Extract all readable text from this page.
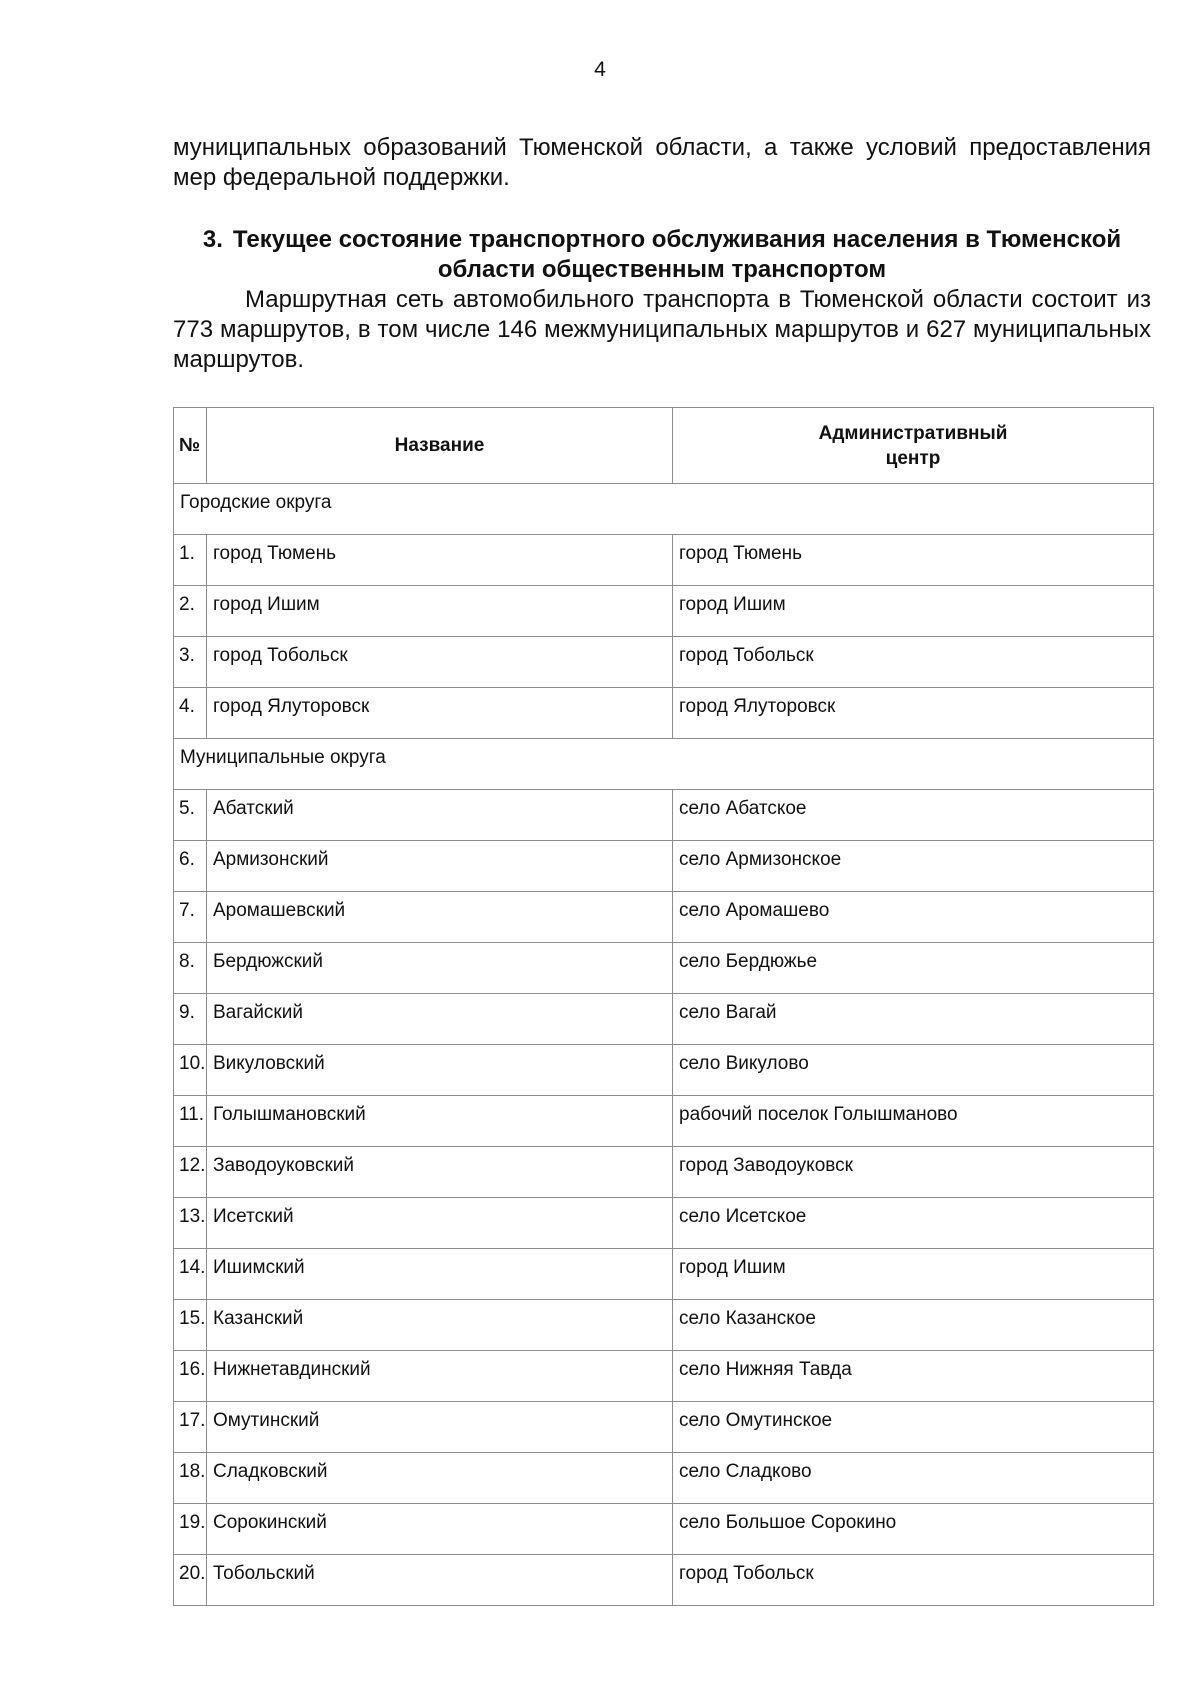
4

муниципальных образований Тюменской области, а также условий предоставления мер федеральной поддержки.

3. Текущее состояние транспортного обслуживания населения в Тюменской области общественным транспортом

Маршрутная сеть автомобильного транспорта в Тюменской области состоит из 773 маршрутов, в том числе 146 межмуниципальных маршрутов и 627 муниципальных маршрутов.

№	Название	Административный
центр

Городские округа		
1.	город Тюмень	город Тюмень
2.	город Ишим	город Ишим
3.	город Тобольск	город Тобольск
4.	город Ялуторовск	город Ялуторовск
Муниципальные округа		
5.	Абатский	село Абатское
6.	Армизонский	село Армизонское
7.	Аромашевский	село Аромашево
8.	Бердюжский	село Бердюжье
9.	Вагайский	село Вагай
10.	Викуловский	село Викулово
11.	Голышмановский	рабочий поселок Голышманово
12.	Заводоуковский	город Заводоуковск
13.	Исетский	село Исетское
14.	Ишимский	город Ишим
15.	Казанский	село Казанское
16.	Нижнетавдинский	село Нижняя Тавда
17.	Омутинский	село Омутинское
18.	Сладковский	село Сладково
19.	Сорокинский	село Большое Сорокино
20.	Тобольский	город Тобольск
